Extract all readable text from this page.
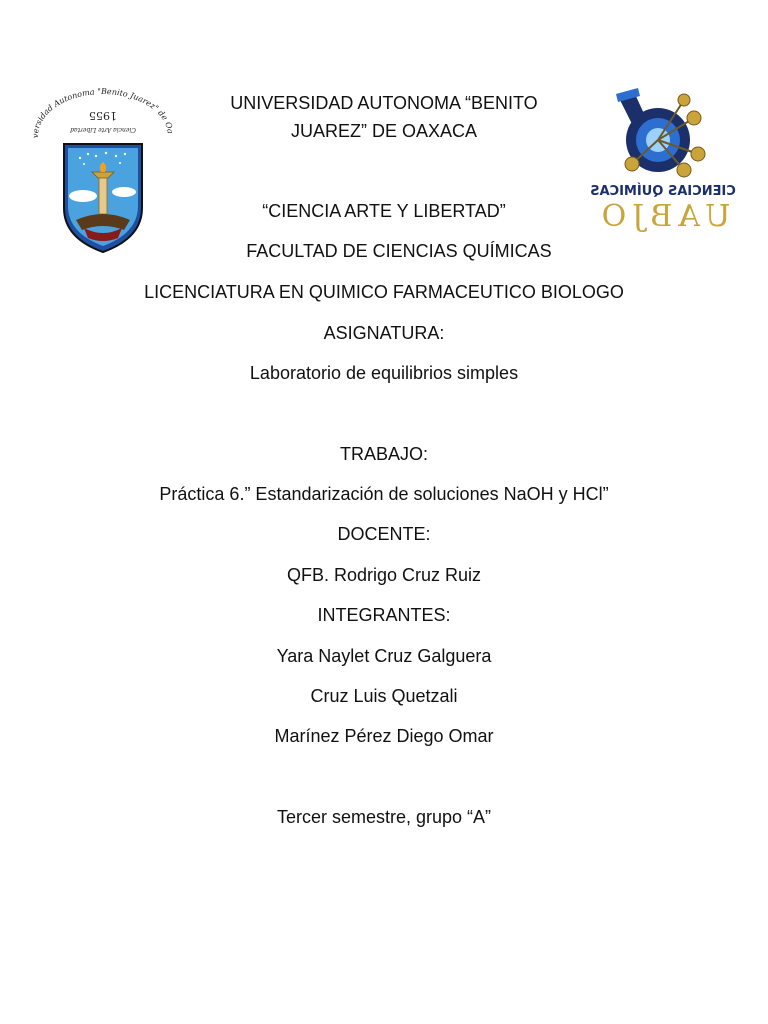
versidad Autonoma "Benito Juarez" de Oa
1955
Ciencia Arte Libertad
CIENCIAS QUÍMICAS
UABJO
UNIVERSIDAD AUTONOMA “BENITO
JUAREZ” DE OAXACA
“CIENCIA ARTE Y LIBERTAD”
FACULTAD DE CIENCIAS QUÍMICAS
LICENCIATURA EN QUIMICO FARMACEUTICO BIOLOGO
ASIGNATURA:
Laboratorio de equilibrios simples
TRABAJO:
Práctica 6.” Estandarización de soluciones NaOH y HCl”
DOCENTE:
QFB. Rodrigo Cruz Ruiz
INTEGRANTES:
Yara Naylet Cruz Galguera
Cruz Luis Quetzali
Marínez Pérez Diego Omar
Tercer semestre, grupo “A”
